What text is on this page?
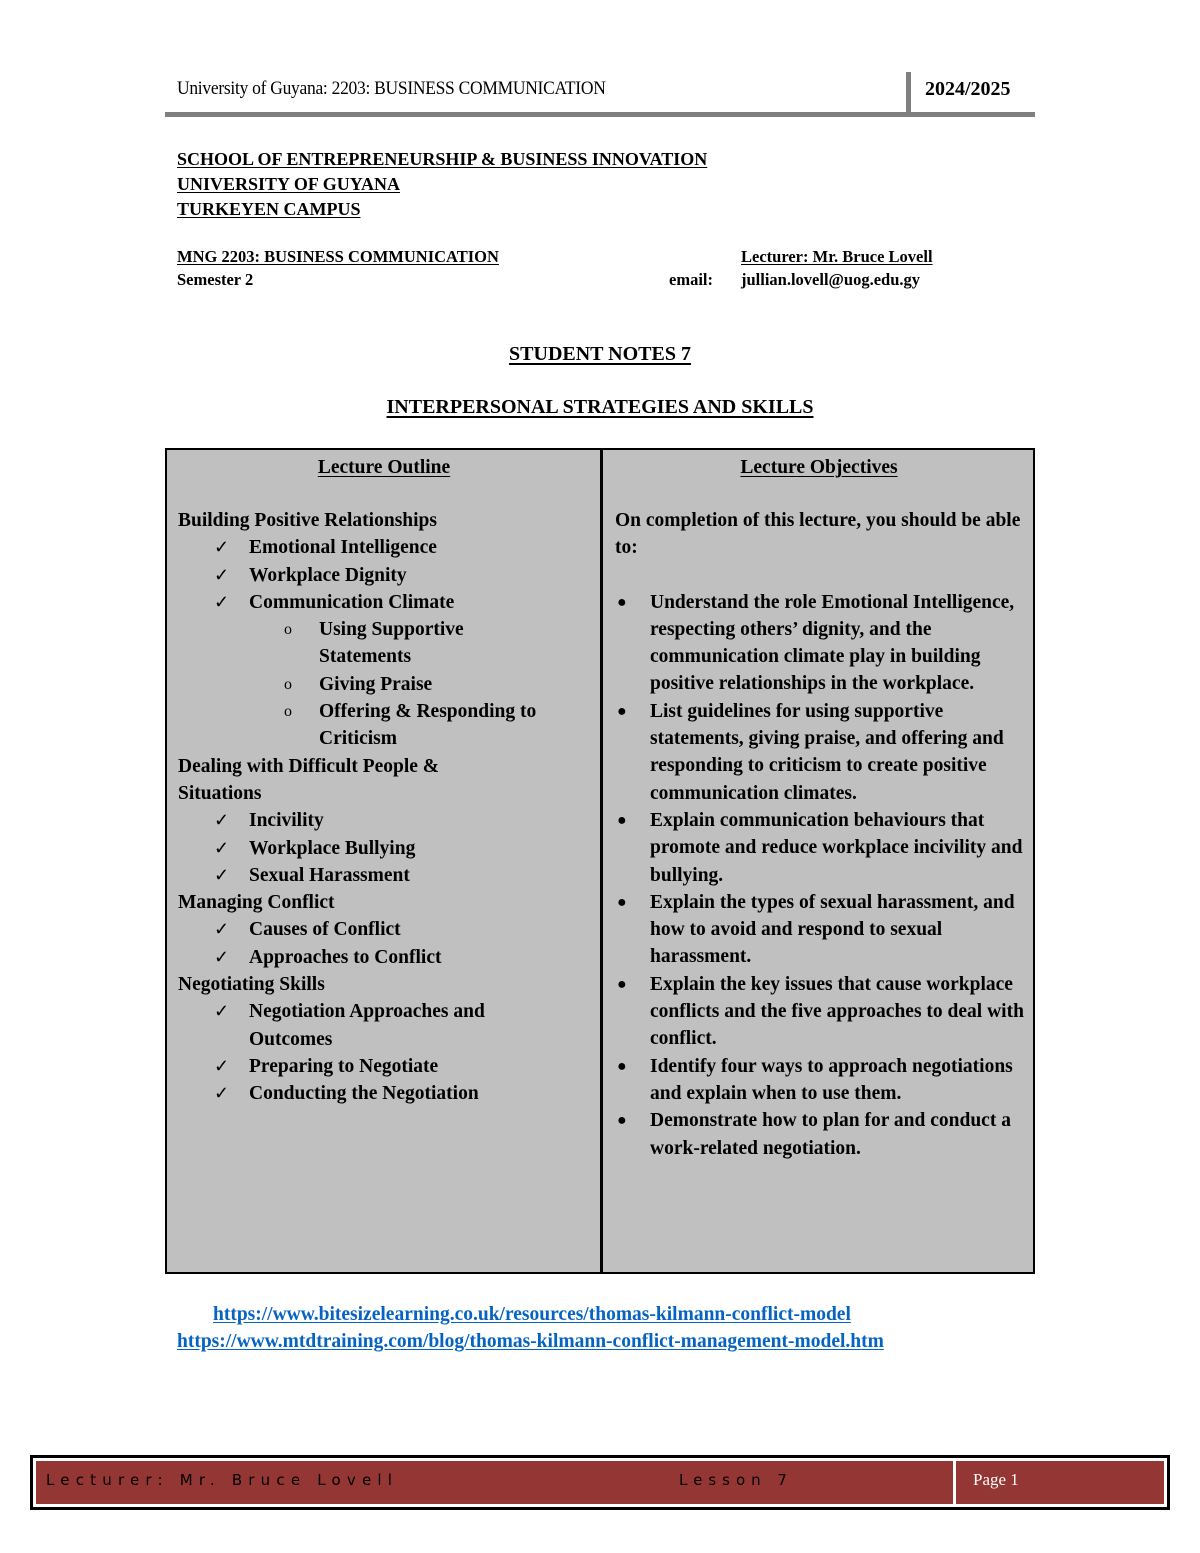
University of Guyana: 2203: BUSINESS COMMUNICATION	2024/2025
SCHOOL OF ENTREPRENEURSHIP & BUSINESS INNOVATION
UNIVERSITY OF GUYANA
TURKEYEN CAMPUS
MNG 2203: BUSINESS COMMUNICATION	Lecturer: Mr. Bruce Lovell
Semester 2	email: jullian.lovell@uog.edu.gy
STUDENT NOTES 7
INTERPERSONAL STRATEGIES AND SKILLS
Lecture Outline
Building Positive Relationships
✓ Emotional Intelligence
✓ Workplace Dignity
✓ Communication Climate
o Using Supportive Statements
o Giving Praise
o Offering & Responding to Criticism
Dealing with Difficult People & Situations
✓ Incivility
✓ Workplace Bullying
✓ Sexual Harassment
Managing Conflict
✓ Causes of Conflict
✓ Approaches to Conflict
Negotiating Skills
✓ Negotiation Approaches and Outcomes
✓ Preparing to Negotiate
✓ Conducting the Negotiation
Lecture Objectives
On completion of this lecture, you should be able to:
● Understand the role Emotional Intelligence, respecting others’ dignity, and the communication climate play in building positive relationships in the workplace.
● List guidelines for using supportive statements, giving praise, and offering and responding to criticism to create positive communication climates.
● Explain communication behaviours that promote and reduce workplace incivility and bullying.
● Explain the types of sexual harassment, and how to avoid and respond to sexual harassment.
● Explain the key issues that cause workplace conflicts and the five approaches to deal with conflict.
● Identify four ways to approach negotiations and explain when to use them.
● Demonstrate how to plan for and conduct a work-related negotiation.
https://www.bitesizelearning.co.uk/resources/thomas-kilmann-conflict-model
https://www.mtdtraining.com/blog/thomas-kilmann-conflict-management-model.htm
Lecturer: Mr. Bruce Lovell	Lesson 7	Page 1
